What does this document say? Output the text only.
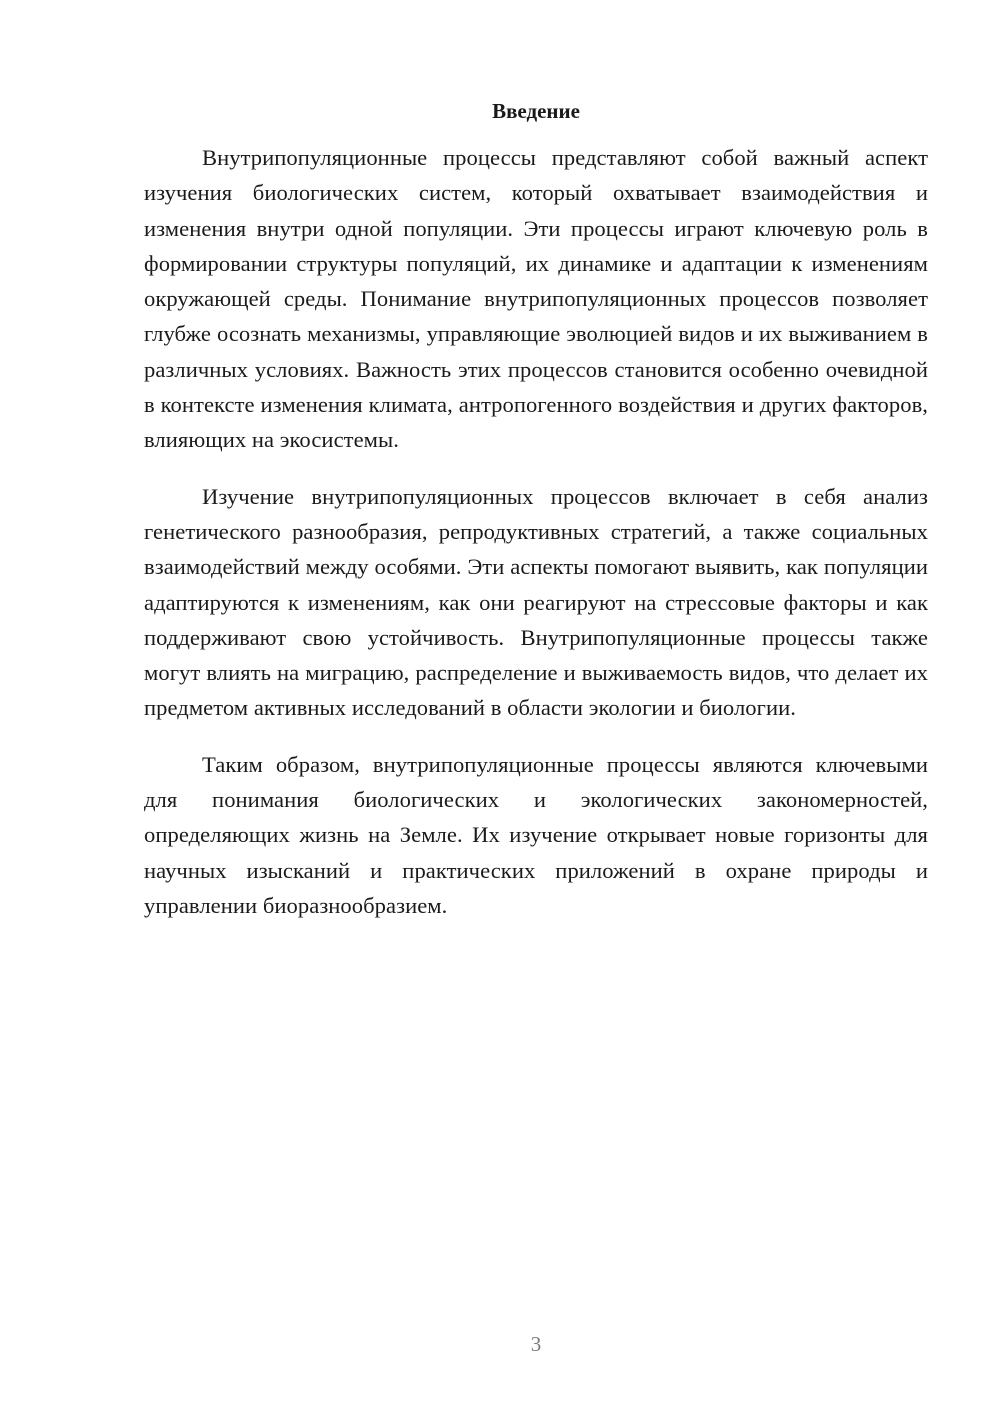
Введение

Внутрипопуляционные процессы представляют собой важный аспект изучения биологических систем, который охватывает взаимодействия и изменения внутри одной популяции. Эти процессы играют ключевую роль в формировании структуры популяций, их динамике и адаптации к изменениям окружающей среды. Понимание внутрипопуляционных процессов позволяет глубже осознать механизмы, управляющие эволюцией видов и их выживанием в различных условиях. Важность этих процессов становится особенно очевидной в контексте изменения климата, антропогенного воздействия и других факторов, влияющих на экосистемы.

Изучение внутрипопуляционных процессов включает в себя анализ генетического разнообразия, репродуктивных стратегий, а также социальных взаимодействий между особями. Эти аспекты помогают выявить, как популяции адаптируются к изменениям, как они реагируют на стрессовые факторы и как поддерживают свою устойчивость. Внутрипопуляционные процессы также могут влиять на миграцию, распределение и выживаемость видов, что делает их предметом активных исследований в области экологии и биологии.

Таким образом, внутрипопуляционные процессы являются ключевыми для понимания биологических и экологических закономерностей, определяющих жизнь на Земле. Их изучение открывает новые горизонты для научных изысканий и практических приложений в охране природы и управлении биоразнообразием.

3
